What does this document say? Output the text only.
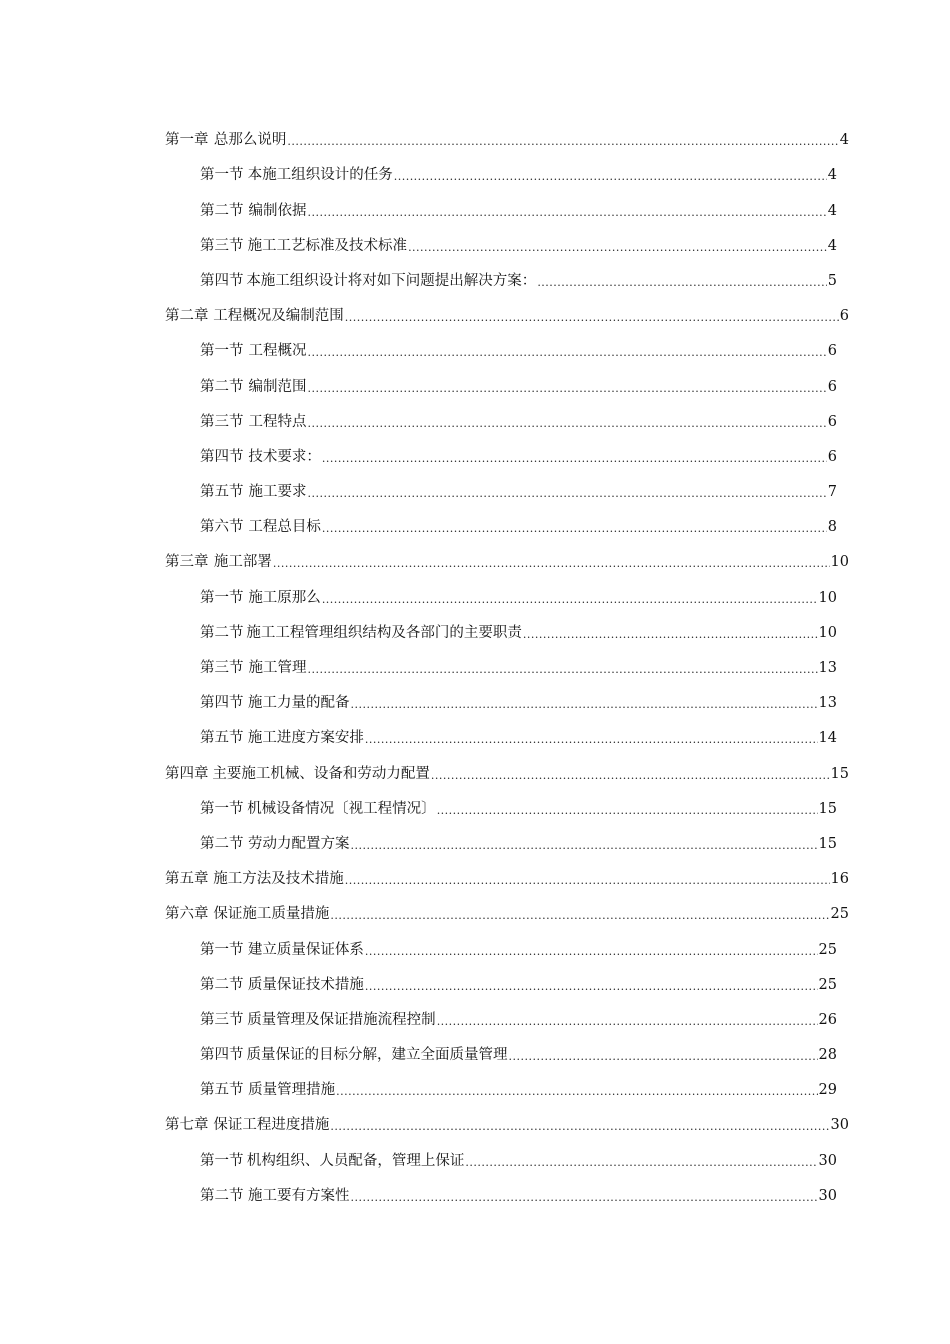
第一章 总那么说明 .....	4
第一节 本施工组织设计的任务 .....	4
第二节 编制依据 .....	4
第三节 施工工艺标准及技术标准 .....	4
第四节 本施工组织设计将对如下问题提出解决方案： .....	5
第二章 工程概况及编制范围 .....	6
第一节 工程概况 .....	6
第二节 编制范围 .....	6
第三节 工程特点 .....	6
第四节 技术要求： .....	6
第五节 施工要求 .....	7
第六节 工程总目标 .....	8
第三章 施工部署 .....	10
第一节 施工原那么 .....	10
第二节 施工工程管理组织结构及各部门的主要职责 .....	10
第三节 施工管理 .....	13
第四节 施工力量的配备 .....	13
第五节 施工进度方案安排 .....	14
第四章 主要施工机械、设备和劳动力配置 .....	15
第一节 机械设备情况〔视工程情况〕 .....	15
第二节 劳动力配置方案 .....	15
第五章 施工方法及技术措施 .....	16
第六章 保证施工质量措施 .....	25
第一节 建立质量保证体系 .....	25
第二节 质量保证技术措施 .....	25
第三节 质量管理及保证措施流程控制 .....	26
第四节 质量保证的目标分解，建立全面质量管理 .....	28
第五节 质量管理措施 .....	29
第七章 保证工程进度措施 .....	30
第一节 机构组织、人员配备，管理上保证 .....	30
第二节 施工要有方案性 .....	30
